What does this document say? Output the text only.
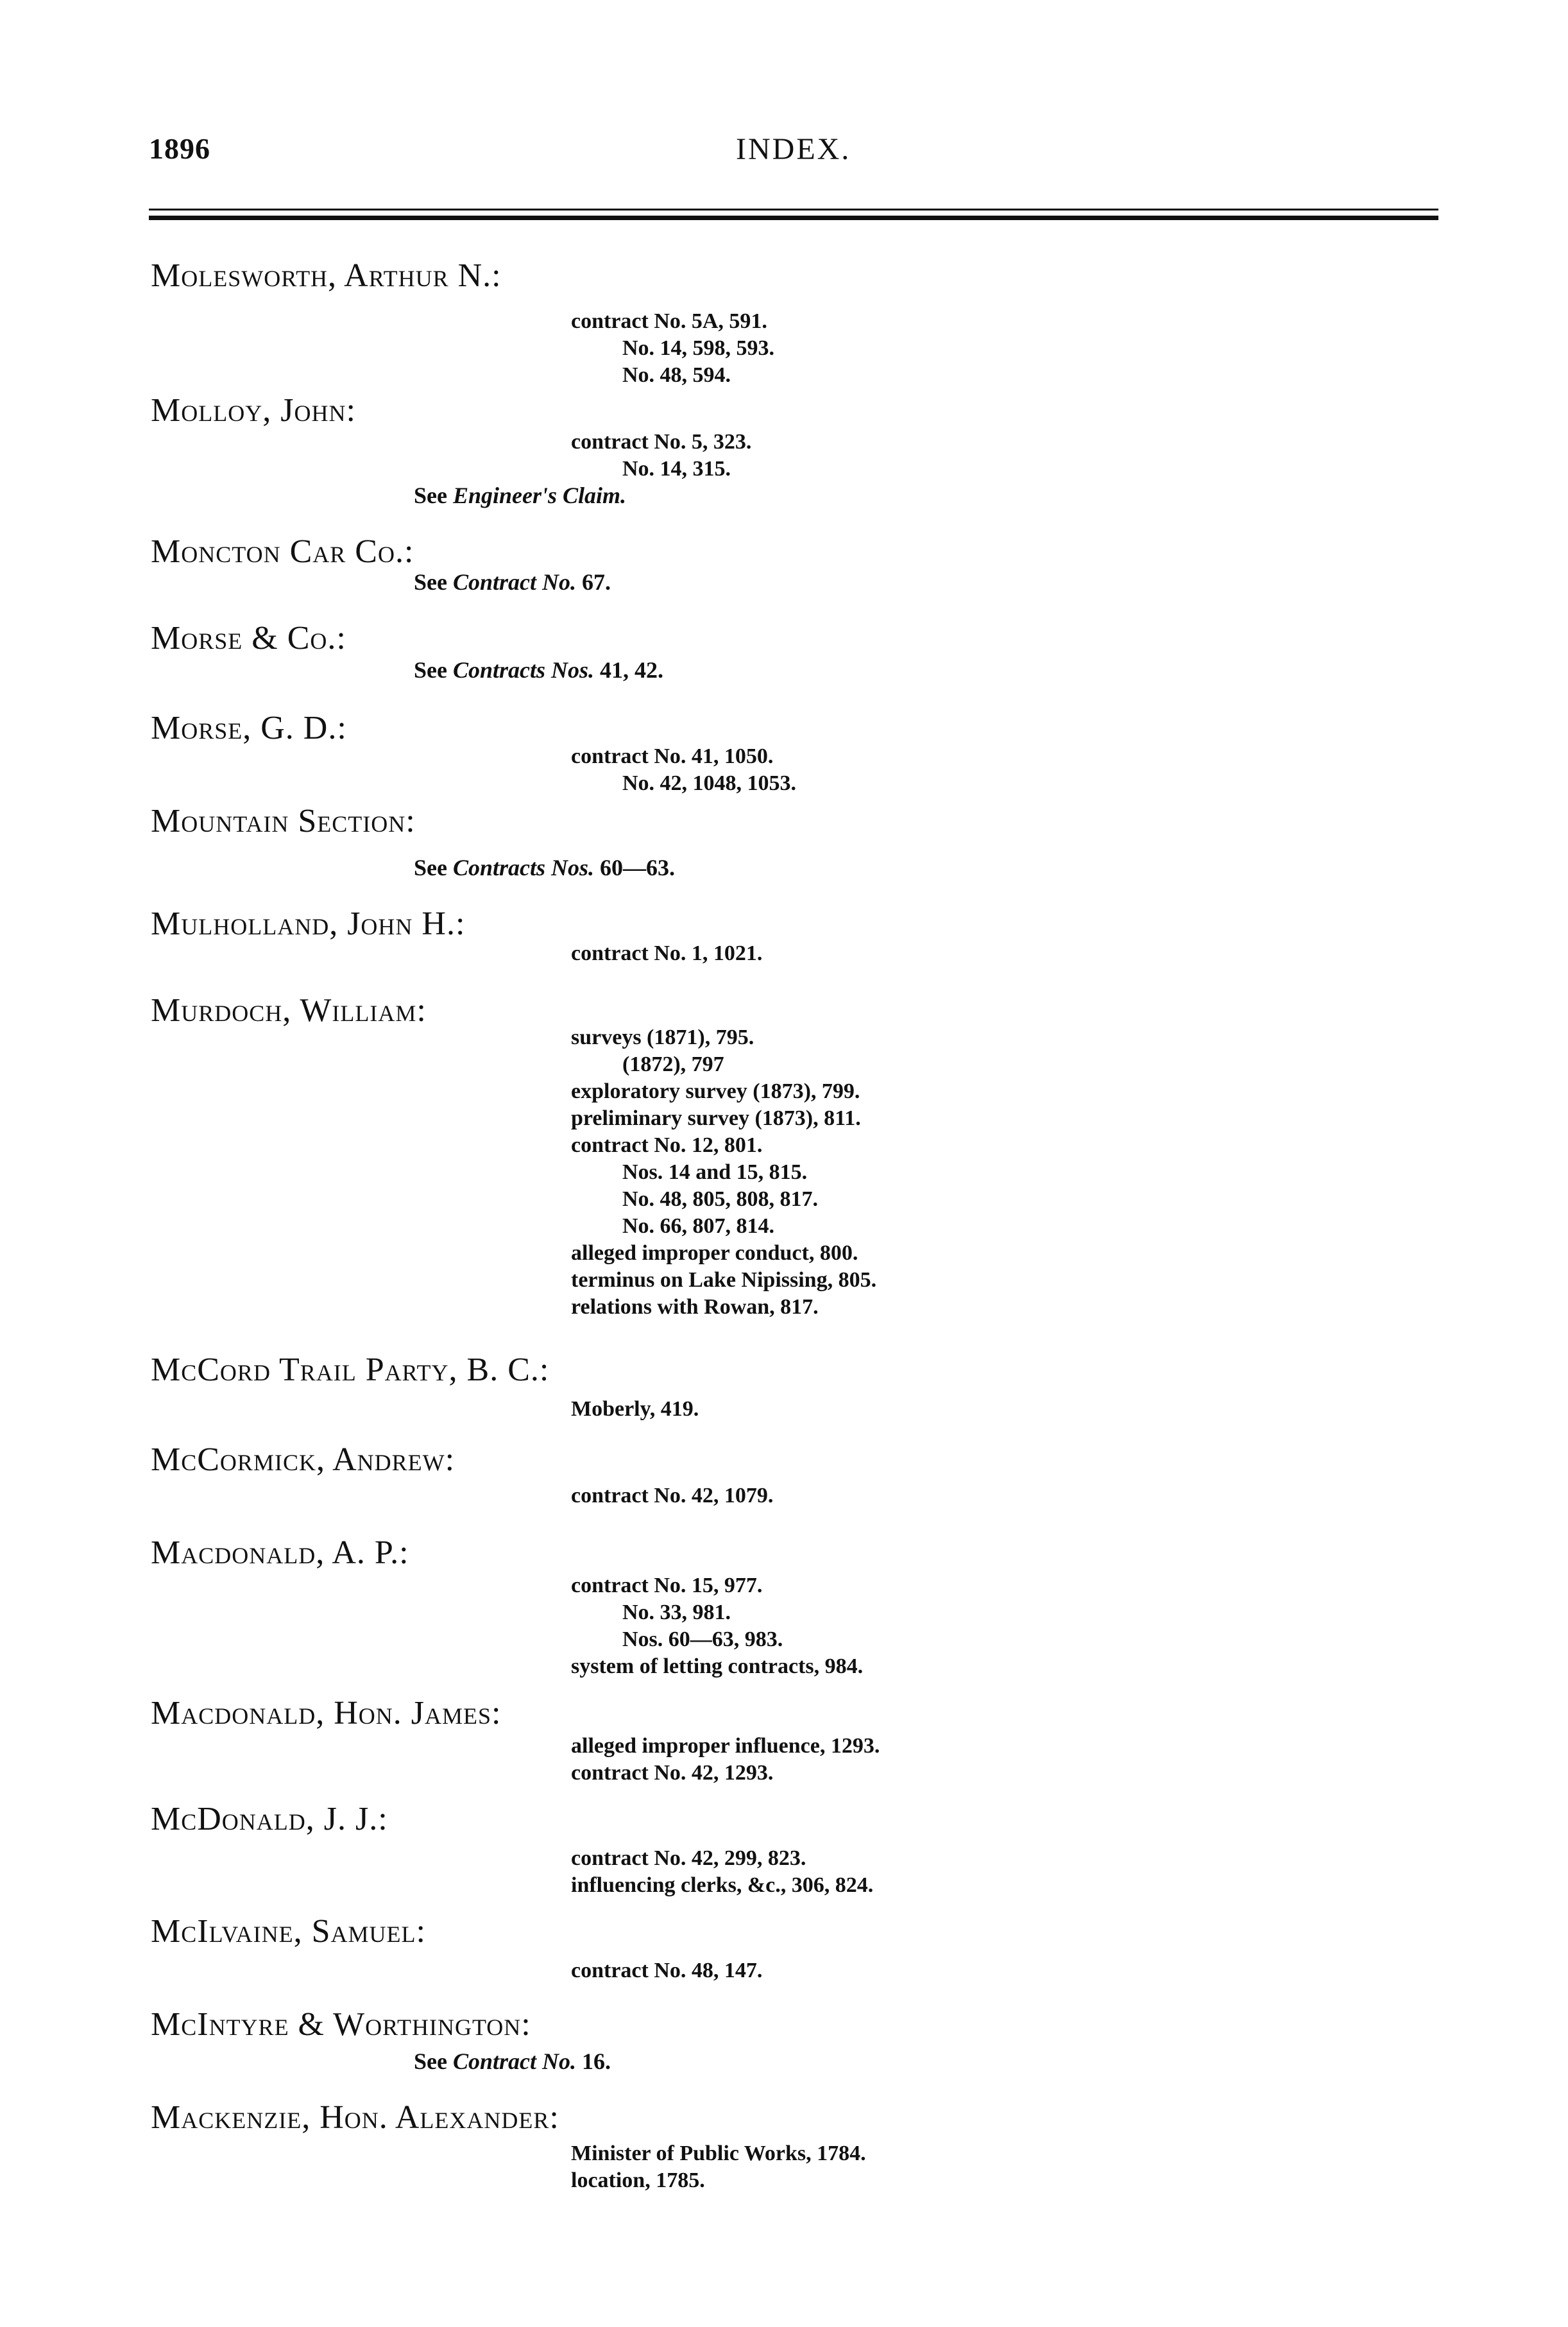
1896	INDEX.
Molesworth, Arthur N.:
contract No. 5A, 591.
No. 14, 598, 593.
No. 48, 594.
Molloy, John:
contract No. 5, 323.
No. 14, 315.

See Engineer's Claim.

Moncton Car Co.:

See Contract No. 67.

Morse & Co.:

See Contracts Nos. 41, 42.

Morse, G. D.:
contract No. 41, 1050.
No. 42, 1048, 1053.
Mountain Section:

See Contracts Nos. 60—63.

Mulholland, John H.:
contract No. 1, 1021.
Murdoch, William:
surveys (1871), 795.
(1872), 797
exploratory survey (1873), 799.
preliminary survey (1873), 811.
contract No. 12, 801.
Nos. 14 and 15, 815.
No. 48, 805, 808, 817.
No. 66, 807, 814.
alleged improper conduct, 800.
terminus on Lake Nipissing, 805.
relations with Rowan, 817.
McCord Trail Party, B. C.:
Moberly, 419.
McCormick, Andrew:
contract No. 42, 1079.
Macdonald, A. P.:
contract No. 15, 977.
No. 33, 981.
Nos. 60—63, 983.
system of letting contracts, 984.
Macdonald, Hon. James:
alleged improper influence, 1293.
contract No. 42, 1293.
McDonald, J. J.:
contract No. 42, 299, 823.
influencing clerks, &c., 306, 824.
McIlvaine, Samuel:
contract No. 48, 147.
McIntyre & Worthington:

See Contract No. 16.

Mackenzie, Hon. Alexander:
Minister of Public Works, 1784.
location, 1785.
